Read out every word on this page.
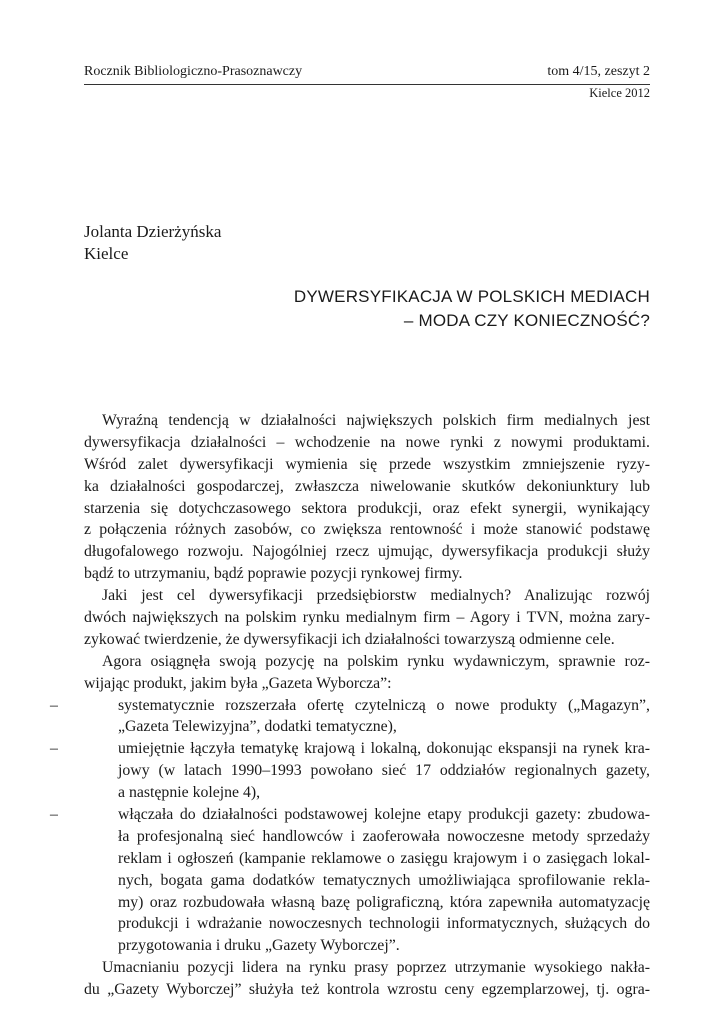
Rocznik Bibliologiczno-Prasoznawczy	tom 4/15, zeszyt 2
Kielce 2012
Jolanta Dzierżyńska
Kielce
DYWERSYFIKACJA W POLSKICH MEDIACH
– MODA CZY KONIECZNOŚĆ?
Wyraźną tendencją w działalności największych polskich firm medialnych jest
dywersyfikacja działalności – wchodzenie na nowe rynki z nowymi produktami.
Wśród zalet dywersyfikacji wymienia się przede wszystkim zmniejszenie ryzy-
ka działalności gospodarczej, zwłaszcza niwelowanie skutków dekoniunktury lub
starzenia się dotychczasowego sektora produkcji, oraz efekt synergii, wynikający
z połączenia różnych zasobów, co zwiększa rentowność i może stanowić podstawę
długofalowego rozwoju. Najogólniej rzecz ujmując, dywersyfikacja produkcji służy
bądź to utrzymaniu, bądź poprawie pozycji rynkowej firmy.
Jaki jest cel dywersyfikacji przedsiębiorstw medialnych? Analizując rozwój
dwóch największych na polskim rynku medialnym firm – Agory i TVN, można zary-
zykować twierdzenie, że dywersyfikacji ich działalności towarzyszą odmienne cele.
Agora osiągnęła swoją pozycję na polskim rynku wydawniczym, sprawnie roz-
wijając produkt, jakim była „Gazeta Wyborcza”:
–	systematycznie rozszerzała ofertę czytelniczą o nowe produkty („Magazyn”,
„Gazeta Telewizyjna”, dodatki tematyczne),
–	umiejętnie łączyła tematykę krajową i lokalną, dokonując ekspansji na rynek kra-
jowy (w latach 1990–1993 powołano sieć 17 oddziałów regionalnych gazety,
a następnie kolejne 4),
–	włączała do działalności podstawowej kolejne etapy produkcji gazety: zbudowa-
ła profesjonalną sieć handlowców i zaoferowała nowoczesne metody sprzedaży
reklam i ogłoszeń (kampanie reklamowe o zasięgu krajowym i o zasięgach lokal-
nych, bogata gama dodatków tematycznych umożliwiająca sprofilowanie rekla-
my) oraz rozbudowała własną bazę poligraficzną, która zapewniła automatyzację
produkcji i wdrażanie nowoczesnych technologii informatycznych, służących do
przygotowania i druku „Gazety Wyborczej”.
Umacnianiu pozycji lidera na rynku prasy poprzez utrzymanie wysokiego nakła-
du „Gazety Wyborczej” służyła też kontrola wzrostu ceny egzemplarzowej, tj. ogra-
